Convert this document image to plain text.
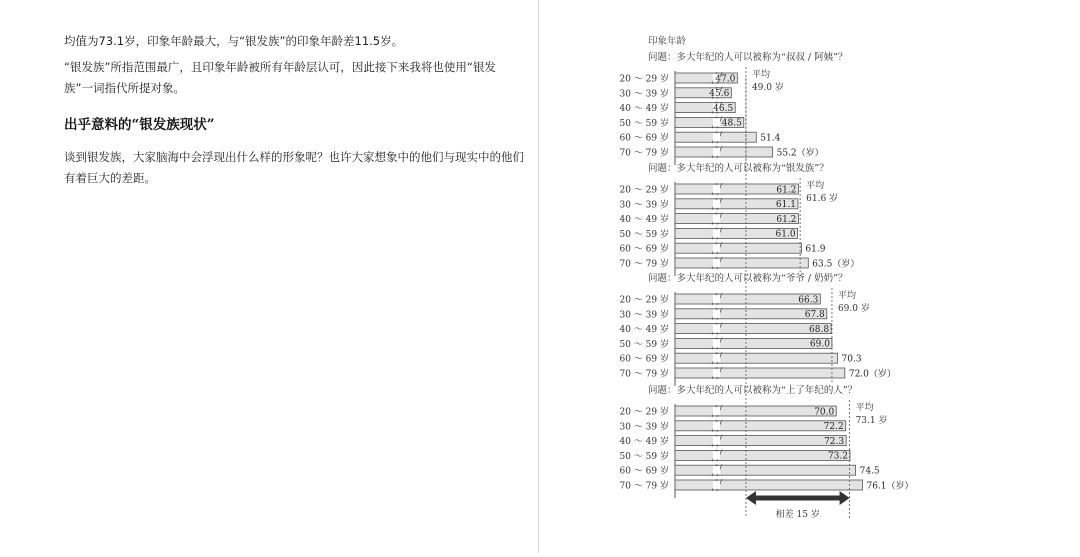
均值为73.1岁，印象年龄最大，与“银发族”的印象年龄差11.5岁。

“银发族”所指范围最广，且印象年龄被所有年龄层认可，因此接下来我将也使用“银发族”一词指代所提对象。

出乎意料的“银发族现状”

谈到银发族，大家脑海中会浮现出什么样的形象呢？也许大家想象中的他们与现实中的他们有着巨大的差距。

印象年龄
问题：多大年纪的人可以被称为“叔叔 / 阿姨”？
20 ～ 29 岁	47.0
30 ～ 39 岁	45.6
40 ～ 49 岁	46.5
50 ～ 59 岁	48.5
60 ～ 69 岁	51.4
70 ～ 79 岁	55.2（岁）
平均
49.0 岁
问题：多大年纪的人可以被称为“银发族”？
20 ～ 29 岁	61.2
30 ～ 39 岁	61.1
40 ～ 49 岁	61.2
50 ～ 59 岁	61.0
60 ～ 69 岁	61.9
70 ～ 79 岁	63.5（岁）
平均
61.6 岁
问题：多大年纪的人可以被称为“爷爷 / 奶奶”？
20 ～ 29 岁	66.3
30 ～ 39 岁	67.8
40 ～ 49 岁	68.8
50 ～ 59 岁	69.0
60 ～ 69 岁	70.3
70 ～ 79 岁	72.0（岁）
平均
69.0 岁
问题：多大年纪的人可以被称为“上了年纪的人”？
20 ～ 29 岁	70.0
30 ～ 39 岁	72.2
40 ～ 49 岁	72.3
50 ～ 59 岁	73.2
60 ～ 69 岁	74.5
70 ～ 79 岁	76.1（岁）
平均
73.1 岁
相差 15 岁
